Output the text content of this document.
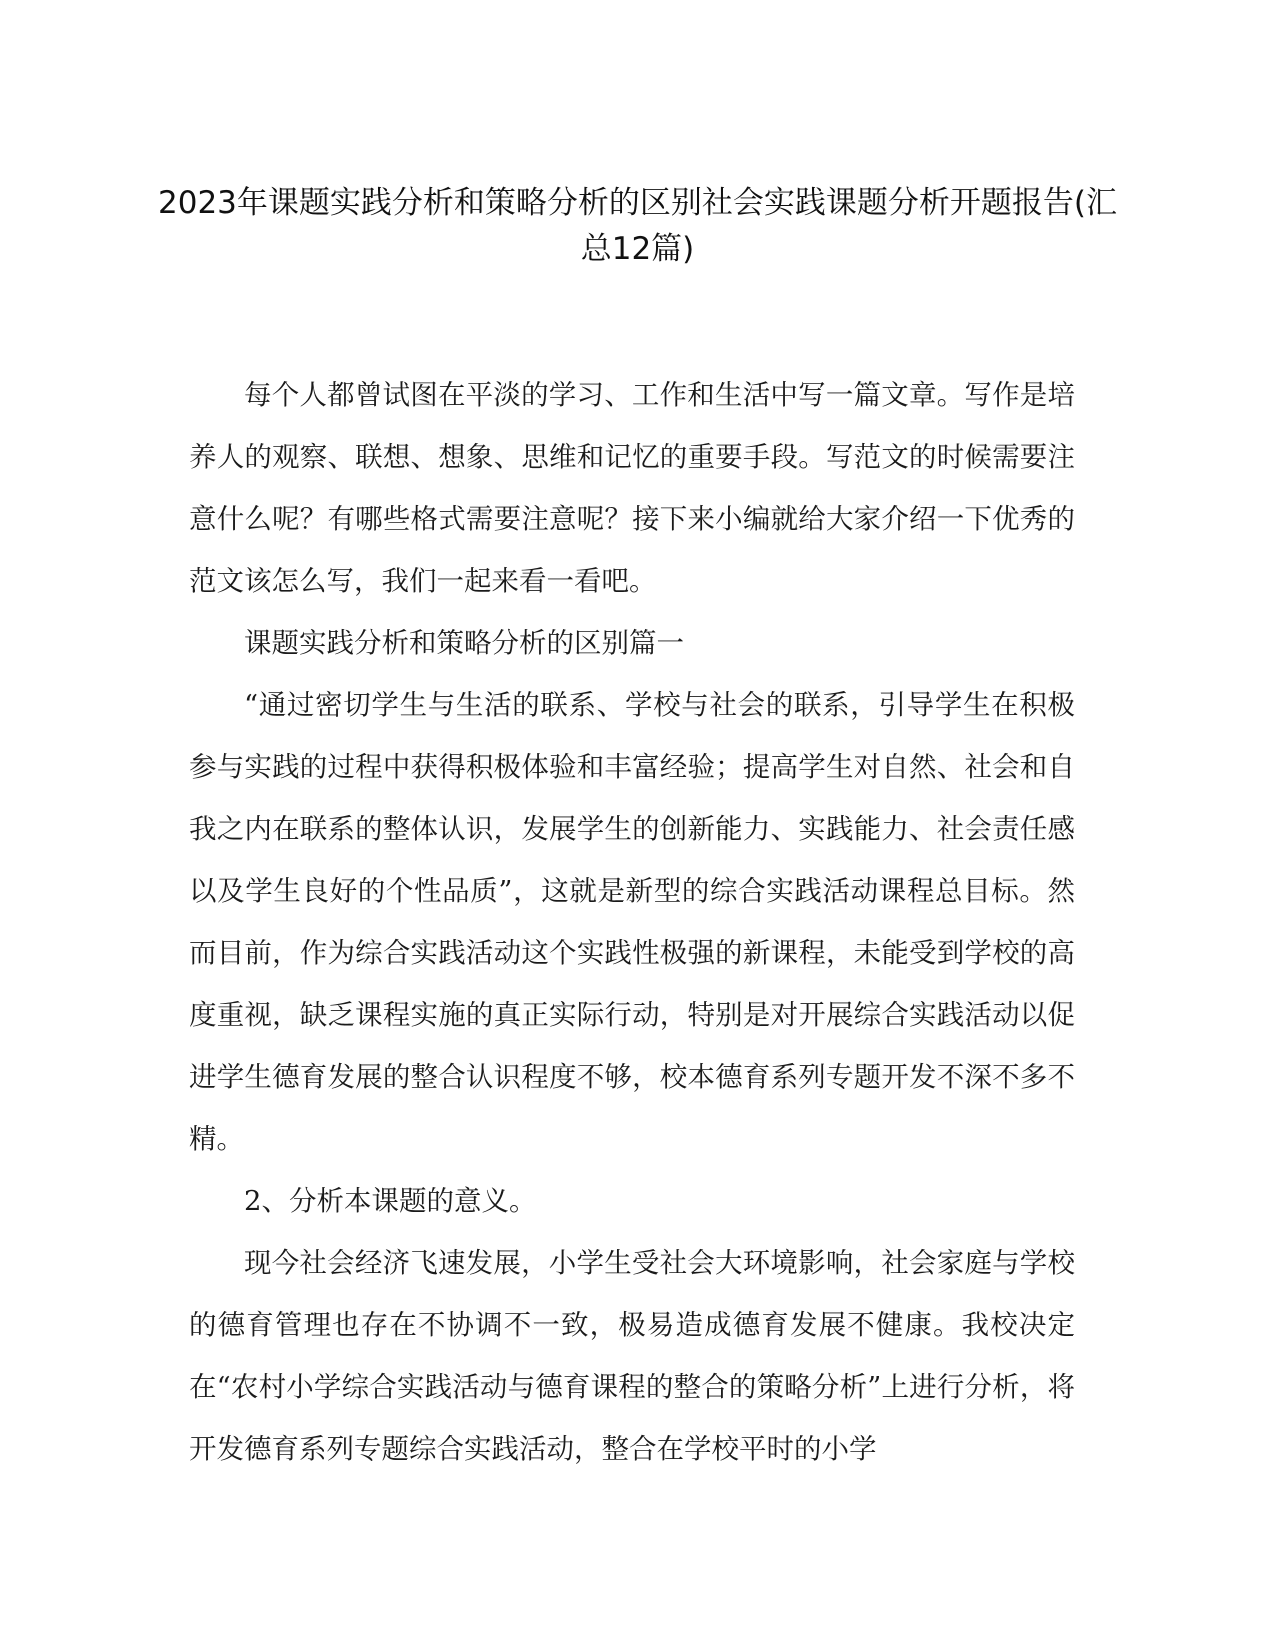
2023年课题实践分析和策略分析的区别社会实践课题分析开题报告(汇总12篇)

每个人都曾试图在平淡的学习、工作和生活中写一篇文章。写作是培养人的观察、联想、想象、思维和记忆的重要手段。写范文的时候需要注意什么呢？有哪些格式需要注意呢？接下来小编就给大家介绍一下优秀的范文该怎么写，我们一起来看一看吧。

课题实践分析和策略分析的区别篇一

“通过密切学生与生活的联系、学校与社会的联系，引导学生在积极参与实践的过程中获得积极体验和丰富经验；提高学生对自然、社会和自我之内在联系的整体认识，发展学生的创新能力、实践能力、社会责任感以及学生良好的个性品质”，这就是新型的综合实践活动课程总目标。然而目前，作为综合实践活动这个实践性极强的新课程，未能受到学校的高度重视，缺乏课程实施的真正实际行动，特别是对开展综合实践活动以促进学生德育发展的整合认识程度不够，校本德育系列专题开发不深不多不精。

2、分析本课题的意义。

现今社会经济飞速发展，小学生受社会大环境影响，社会家庭与学校的德育管理也存在不协调不一致，极易造成德育发展不健康。我校决定在“农村小学综合实践活动与德育课程的整合的策略分析”上进行分析，将开发德育系列专题综合实践活动，整合在学校平时的小学
